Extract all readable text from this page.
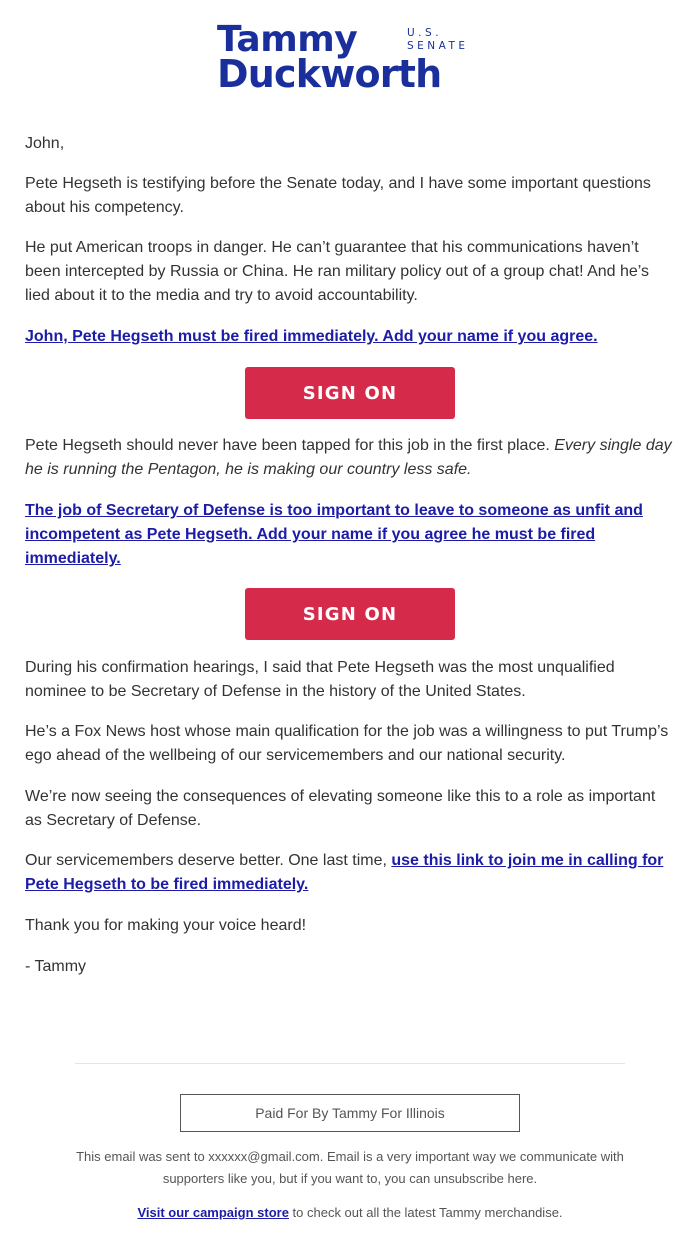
Tammy	U.S.
SENATE
Duckworth

John,

Pete Hegseth is testifying before the Senate today, and I have some important questions about his competency.

He put American troops in danger. He can’t guarantee that his communications haven’t been intercepted by Russia or China. He ran military policy out of a group chat! And he’s lied about it to the media and try to avoid accountability.

John, Pete Hegseth must be fired immediately. Add your name if you agree.

SIGN ON

Pete Hegseth should never have been tapped for this job in the first place. Every single day he is running the Pentagon, he is making our country less safe.

The job of Secretary of Defense is too important to leave to someone as unfit and incompetent as Pete Hegseth. Add your name if you agree he must be fired immediately.

SIGN ON

During his confirmation hearings, I said that Pete Hegseth was the most unqualified nominee to be Secretary of Defense in the history of the United States.

He’s a Fox News host whose main qualification for the job was a willingness to put Trump’s ego ahead of the wellbeing of our servicemembers and our national security.

We’re now seeing the consequences of elevating someone like this to a role as important as Secretary of Defense.

Our servicemembers deserve better. One last time, use this link to join me in calling for Pete Hegseth to be fired immediately.

Thank you for making your voice heard!

- Tammy

Paid For By Tammy For Illinois
This email was sent to xxxxxx@gmail.com. Email is a very important way we communicate with supporters like you, but if you want to, you can unsubscribe here.
Visit our campaign store to check out all the latest Tammy merchandise.
